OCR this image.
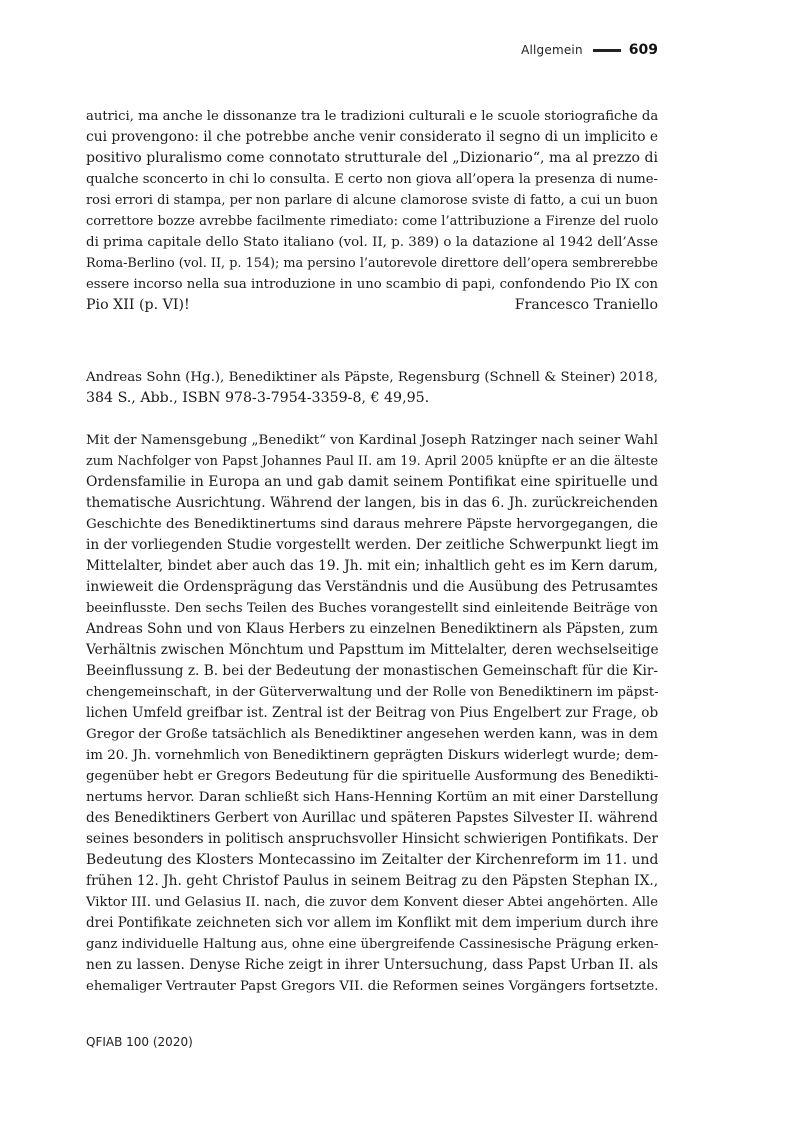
Allgemein	609
autrici, ma anche le dissonanze tra le tradizioni culturali e le scuole storiografiche da
cui provengono: il che potrebbe anche venir considerato il segno di un implicito e
positivo pluralismo come connotato strutturale del „Dizionario“, ma al prezzo di
qualche sconcerto in chi lo consulta. E certo non giova all’opera la presenza di nume-
rosi errori di stampa, per non parlare di alcune clamorose sviste di fatto, a cui un buon
correttore bozze avrebbe facilmente rimediato: come l’attribuzione a Firenze del ruolo
di prima capitale dello Stato italiano (vol. II, p. 389) o la datazione al 1942 dell’Asse
Roma-Berlino (vol. II, p. 154); ma persino l’autorevole direttore dell’opera sembrerebbe
essere incorso nella sua introduzione in uno scambio di papi, confondendo Pio IX con
Pio XII (p. VI)!	Francesco Traniello
Andreas Sohn (Hg.), Benediktiner als Päpste, Regensburg (Schnell & Steiner) 2018,
384 S., Abb., ISBN 978-3-7954-3359-8, € 49,95.
Mit der Namensgebung „Benedikt“ von Kardinal Joseph Ratzinger nach seiner Wahl
zum Nachfolger von Papst Johannes Paul II. am 19. April 2005 knüpfte er an die älteste
Ordensfamilie in Europa an und gab damit seinem Pontifikat eine spirituelle und
thematische Ausrichtung. Während der langen, bis in das 6. Jh. zurückreichenden
Geschichte des Benediktinertums sind daraus mehrere Päpste hervorgegangen, die
in der vorliegenden Studie vorgestellt werden. Der zeitliche Schwerpunkt liegt im
Mittelalter, bindet aber auch das 19. Jh. mit ein; inhaltlich geht es im Kern darum,
inwieweit die Ordensprägung das Verständnis und die Ausübung des Petrusamtes
beeinflusste. Den sechs Teilen des Buches vorangestellt sind einleitende Beiträge von
Andreas Sohn und von Klaus Herbers zu einzelnen Benediktinern als Päpsten, zum
Verhältnis zwischen Mönchtum und Papsttum im Mittelalter, deren wechselseitige
Beeinflussung z. B. bei der Bedeutung der monastischen Gemeinschaft für die Kir-
chengemeinschaft, in der Güterverwaltung und der Rolle von Benediktinern im päpst-
lichen Umfeld greifbar ist. Zentral ist der Beitrag von Pius Engelbert zur Frage, ob
Gregor der Große tatsächlich als Benediktiner angesehen werden kann, was in dem
im 20. Jh. vornehmlich von Benediktinern geprägten Diskurs widerlegt wurde; dem-
gegenüber hebt er Gregors Bedeutung für die spirituelle Ausformung des Benedikti-
nertums hervor. Daran schließt sich Hans-Henning Kortüm an mit einer Darstellung
des Benediktiners Gerbert von Aurillac und späteren Papstes Silvester II. während
seines besonders in politisch anspruchsvoller Hinsicht schwierigen Pontifikats. Der
Bedeutung des Klosters Montecassino im Zeitalter der Kirchenreform im 11. und
frühen 12. Jh. geht Christof Paulus in seinem Beitrag zu den Päpsten Stephan IX.,
Viktor III. und Gelasius II. nach, die zuvor dem Konvent dieser Abtei angehörten. Alle
drei Pontifikate zeichneten sich vor allem im Konflikt mit dem imperium durch ihre
ganz individuelle Haltung aus, ohne eine übergreifende Cassinesische Prägung erken-
nen zu lassen. Denyse Riche zeigt in ihrer Untersuchung, dass Papst Urban II. als
ehemaliger Vertrauter Papst Gregors VII. die Reformen seines Vorgängers fortsetzte.
QFIAB 100 (2020)
